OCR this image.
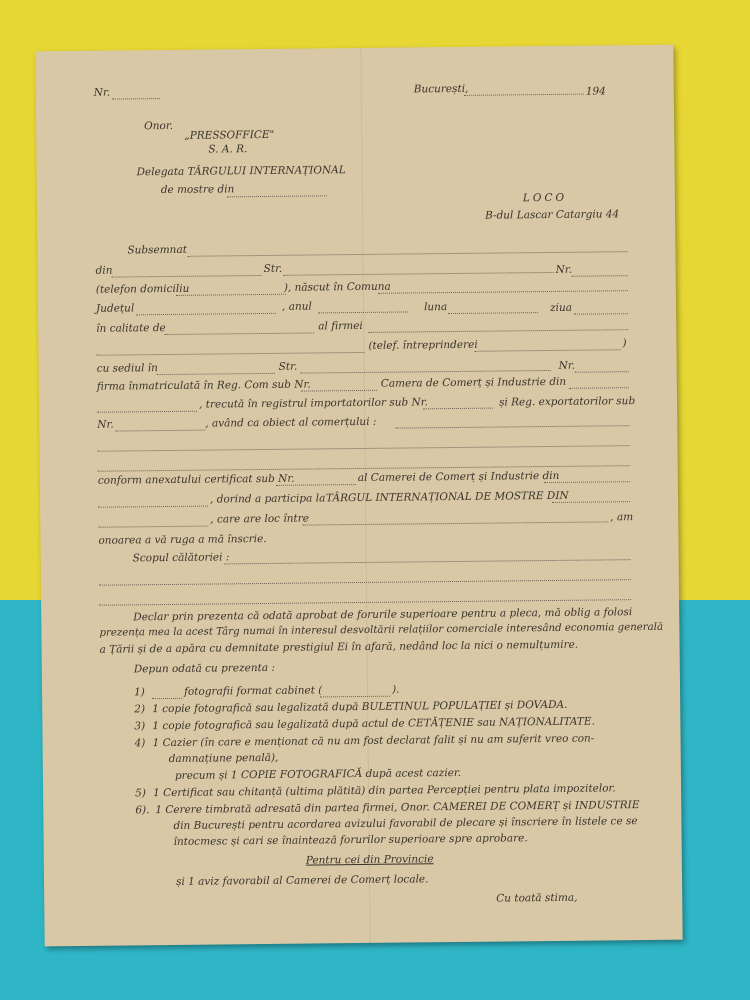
Nr.	București,	194
Onor.
„PRESSOFFICE"
S. A. R.
Delegata TÂRGULUI INTERNAȚIONAL
de mostre din
LOCO
B-dul Lascar Catargiu 44
Subsemnat
din	Str.	Nr.
(telefon domiciliu	), născut în Comuna
Județul	, anul	luna	ziua
în calitate de	al firmei
(telef. întreprinderei	)
cu sediul în	Str.	Nr.
firma înmatriculată în Reg. Com sub Nr.	Camera de Comerț și Industrie din
, trecută în registrul importatorilor sub Nr.	și Reg. exportatorilor sub
Nr.	, având ca obiect al comerțului :
conform anexatului certificat sub Nr.	al Camerei de Comerț și Industrie din
, dorind a participa la TÂRGUL INTERNAȚIONAL DE MOSTRE DIN
, care are loc între	, am
onoarea a vă ruga a mă înscrie.
Scopul călătoriei :
Declar prin prezenta că odată aprobat de forurile superioare pentru a pleca, mă oblig a folosi
prezența mea la acest Târg numai în interesul desvoltării relațiilor comerciale interesând economia generală
a Țării și de a apăra cu demnitate prestigiul Ei în afară, nedând loc la nici o nemulțumire.
Depun odată cu prezenta :
1)	fotografii format cabinet (	).
2) 1 copie fotografică sau legalizată după BULETINUL POPULAȚIEI și DOVADA.
3) 1 copie fotografică sau legalizată după actul de CETĂȚENIE sau NAȚIONALITATE.
4) 1 Cazier (în care e menționat că nu am fost declarat falit și nu am suferit vreo con-
damnațiune penală),
precum și 1 COPIE FOTOGRAFICĂ după acest cazier.
5) 1 Certificat sau chitanță (ultima plătită) din partea Percepției pentru plata impozitelor.
6). 1 Cerere timbrată adresată din partea firmei, Onor. CAMEREI DE COMERȚ și INDUSTRIE
din București pentru acordarea avizului favorabil de plecare și înscriere în listele ce se
întocmesc și cari se înaintează forurilor superioare spre aprobare.
Pentru cei din Provincie
și 1 aviz favorabil al Camerei de Comerț locale.
Cu toată stima,
